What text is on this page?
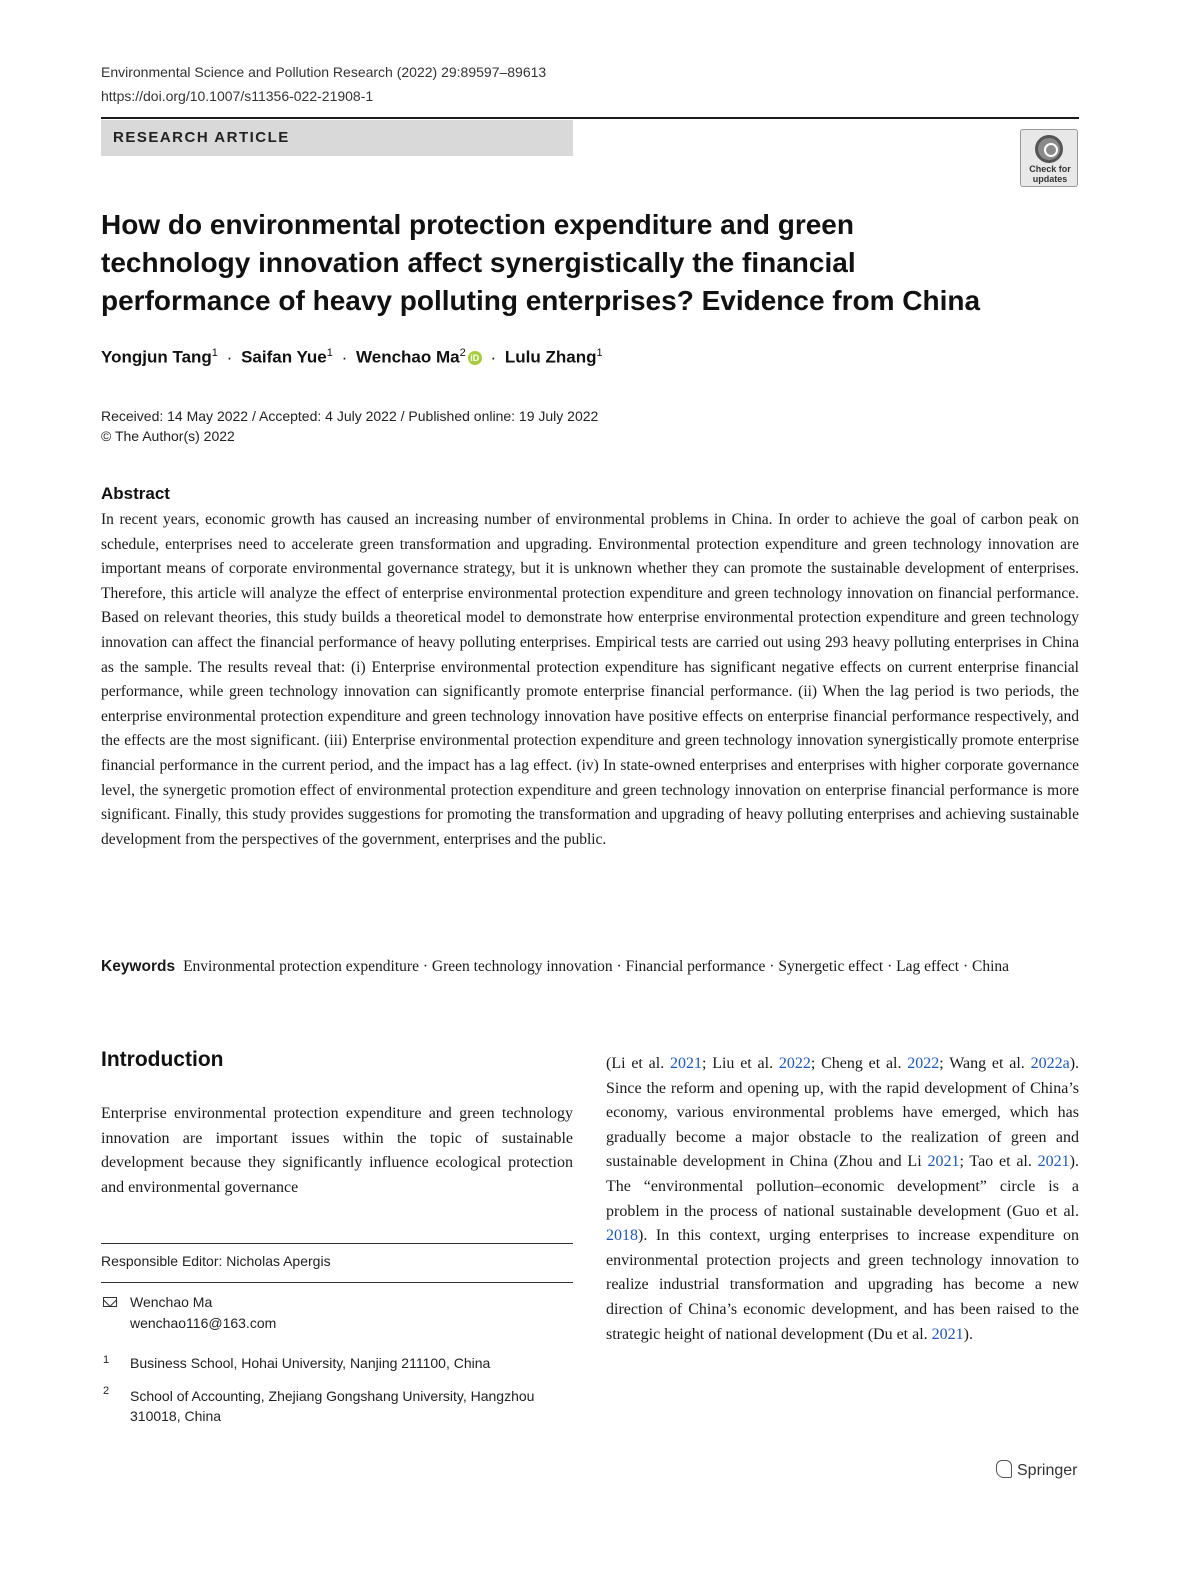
Environmental Science and Pollution Research (2022) 29:89597–89613
https://doi.org/10.1007/s11356-022-21908-1
RESEARCH ARTICLE
Check for updates
How do environmental protection expenditure and green technology innovation affect synergistically the financial performance of heavy polluting enterprises? Evidence from China
Yongjun Tang$^1$ · Saifan Yue$^1$ · Wenchao Ma$^2$ iD · Lulu Zhang$^1$
Received: 14 May 2022 / Accepted: 4 July 2022 / Published online: 19 July 2022
© The Author(s) 2022
Abstract
In recent years, economic growth has caused an increasing number of environmental problems in China. In order to achieve the goal of carbon peak on schedule, enterprises need to accelerate green transformation and upgrading. Environmental protection expenditure and green technology innovation are important means of corporate environmental governance strategy, but it is unknown whether they can promote the sustainable development of enterprises. Therefore, this article will analyze the effect of enterprise environmental protection expenditure and green technology innovation on financial performance. Based on relevant theories, this study builds a theoretical model to demonstrate how enterprise environmental protection expenditure and green technology innovation can affect the financial performance of heavy polluting enterprises. Empirical tests are carried out using 293 heavy polluting enterprises in China as the sample. The results reveal that: (i) Enterprise environmental protection expenditure has significant negative effects on current enterprise financial performance, while green technology innovation can significantly promote enterprise financial performance. (ii) When the lag period is two periods, the enterprise environmental protection expenditure and green technology innovation have positive effects on enterprise financial performance respectively, and the effects are the most significant. (iii) Enterprise environmental protection expenditure and green technology innovation synergistically promote enterprise financial performance in the current period, and the impact has a lag effect. (iv) In state-owned enterprises and enterprises with higher corporate governance level, the synergetic promotion effect of environmental protection expenditure and green technology innovation on enterprise financial performance is more significant. Finally, this study provides suggestions for promoting the transformation and upgrading of heavy polluting enterprises and achieving sustainable development from the perspectives of the government, enterprises and the public.
Keywords Environmental protection expenditure · Green technology innovation · Financial performance · Synergetic effect · Lag effect · China
Introduction
Enterprise environmental protection expenditure and green technology innovation are important issues within the topic of sustainable development because they significantly influence ecological protection and environmental governance
(Li et al. 2021; Liu et al. 2022; Cheng et al. 2022; Wang et al. 2022a). Since the reform and opening up, with the rapid development of China’s economy, various environmental problems have emerged, which has gradually become a major obstacle to the realization of green and sustainable development in China (Zhou and Li 2021; Tao et al. 2021). The “environmental pollution–economic development” circle is a problem in the process of national sustainable development (Guo et al. 2018). In this context, urging enterprises to increase expenditure on environmental protection projects and green technology innovation to realize industrial transformation and upgrading has become a new direction of China’s economic development, and has been raised to the strategic height of national development (Du et al. 2021).
Responsible Editor: Nicholas Apergis
Wenchao Ma
wenchao116@163.com
1 Business School, Hohai University, Nanjing 211100, China
2 School of Accounting, Zhejiang Gongshang University, Hangzhou 310018, China
Springer
